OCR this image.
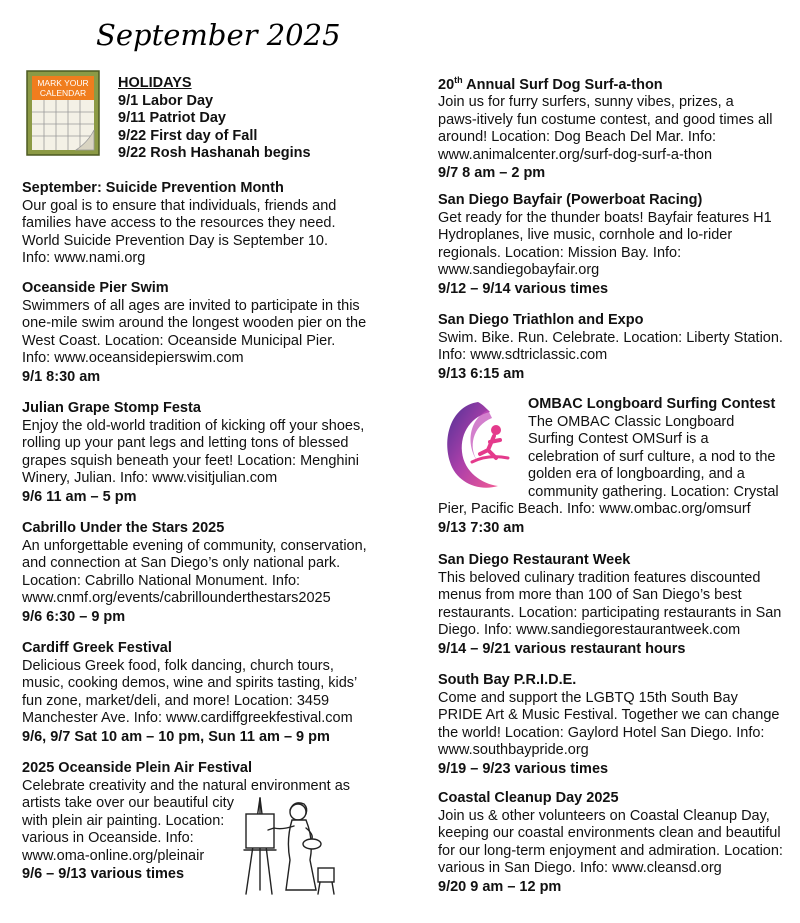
September 2025
MARK YOUR
CALENDAR
HOLIDAYS
9/1 Labor Day
9/11 Patriot Day
9/22 First day of Fall
9/22 Rosh Hashanah begins
September: Suicide Prevention Month
Our goal is to ensure that individuals, friends and
families have access to the resources they need.
World Suicide Prevention Day is September 10.
Info: www.nami.org
Oceanside Pier Swim
Swimmers of all ages are invited to participate in this
one-mile swim around the longest wooden pier on the
West Coast. Location: Oceanside Municipal Pier.
Info: www.oceansidepierswim.com
9/1 8:30 am
Julian Grape Stomp Festa
Enjoy the old-world tradition of kicking off your shoes,
rolling up your pant legs and letting tons of blessed
grapes squish beneath your feet! Location: Menghini
Winery, Julian. Info: www.visitjulian.com
9/6 11 am – 5 pm
Cabrillo Under the Stars 2025
An unforgettable evening of community, conservation,
and connection at San Diego’s only national park.
Location: Cabrillo National Monument. Info:
www.cnmf.org/events/cabrillounderthestars2025
9/6 6:30 – 9 pm
Cardiff Greek Festival
Delicious Greek food, folk dancing, church tours,
music, cooking demos, wine and spirits tasting, kids’
fun zone, market/deli, and more! Location: 3459
Manchester Ave. Info: www.cardiffgreekfestival.com
9/6, 9/7 Sat 10 am – 10 pm, Sun 11 am – 9 pm
2025 Oceanside Plein Air Festival
Celebrate creativity and the natural environment as
artists take over our beautiful city
with plein air painting. Location:
various in Oceanside. Info:
www.oma-online.org/pleinair
9/6 – 9/13 various times
20th Annual Surf Dog Surf-a-thon
Join us for furry surfers, sunny vibes, prizes, a
paws-itively fun costume contest, and good times all
around! Location: Dog Beach Del Mar. Info:
www.animalcenter.org/surf-dog-surf-a-thon
9/7 8 am – 2 pm
San Diego Bayfair (Powerboat Racing)
Get ready for the thunder boats! Bayfair features H1
Hydroplanes, live music, cornhole and lo-rider
regionals. Location: Mission Bay. Info:
www.sandiegobayfair.org
9/12 – 9/14 various times
San Diego Triathlon and Expo
Swim. Bike. Run. Celebrate. Location: Liberty Station.
Info: www.sdtriclassic.com
9/13 6:15 am
OMBAC Longboard Surfing Contest
The OMBAC Classic Longboard
Surfing Contest OMSurf is a
celebration of surf culture, a nod to the
golden era of longboarding, and a
community gathering. Location: Crystal
Pier, Pacific Beach. Info: www.ombac.org/omsurf
9/13 7:30 am
San Diego Restaurant Week
This beloved culinary tradition features discounted
menus from more than 100 of San Diego’s best
restaurants. Location: participating restaurants in San
Diego. Info: www.sandiegorestaurantweek.com
9/14 – 9/21 various restaurant hours
South Bay P.R.I.D.E.
Come and support the LGBTQ 15th South Bay
PRIDE Art & Music Festival. Together we can change
the world! Location: Gaylord Hotel San Diego. Info:
www.southbaypride.org
9/19 – 9/23 various times
Coastal Cleanup Day 2025
Join us & other volunteers on Coastal Cleanup Day,
keeping our coastal environments clean and beautiful
for our long-term enjoyment and admiration. Location:
various in San Diego. Info: www.cleansd.org
9/20 9 am – 12 pm
